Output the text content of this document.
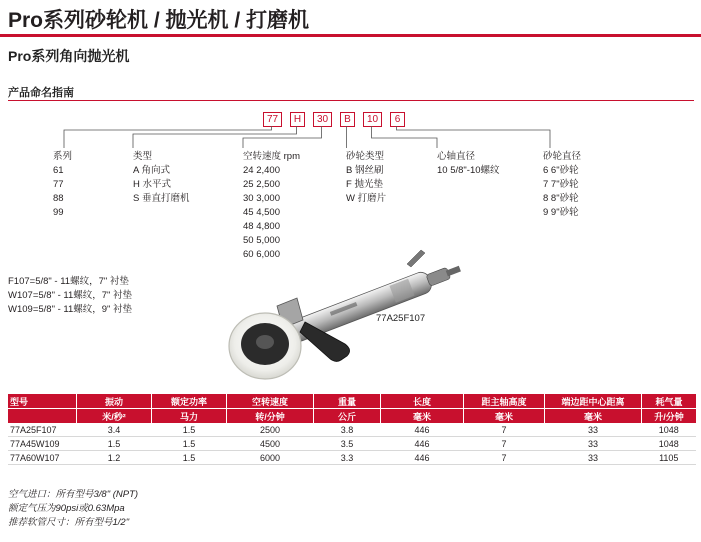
Pro系列砂轮机 / 抛光机 / 打磨机
Pro系列角向抛光机
产品命名指南
77	H	30	B	10	6
系列
61
77
88
99
类型
A 角向式
H 水平式
S 垂直打磨机
空转速度 rpm
24 2,400
25 2,500
30 3,000
45 4,500
48 4,800
50 5,000
60 6,000
砂轮类型
B 钢丝刷
F 抛光垫
W 打磨片
心轴直径
10 5/8"-10螺纹
砂轮直径
6 6"砂轮
7 7"砂轮
8 8"砂轮
9 9"砂轮
F107=5/8" - 11螺纹，7" 衬垫
W107=5/8" - 11螺纹，7" 衬垫
W109=5/8" - 11螺纹，9" 衬垫
77A25F107
型号	振动	额定功率	空转速度	重量	长度	距主轴高度	端边距中心距离	耗气量
	米/秒²	马力	转/分钟	公斤	毫米	毫米	毫米	升/分钟
77A25F107	3.4	1.5	2500	3.8	446	7	33	1048
77A45W109	1.5	1.5	4500	3.5	446	7	33	1048
77A60W107	1.2	1.5	6000	3.3	446	7	33	1105
空气进口：所有型号3/8" (NPT)
额定气压为90psi或0.63Mpa
推荐软管尺寸：所有型号1/2"
